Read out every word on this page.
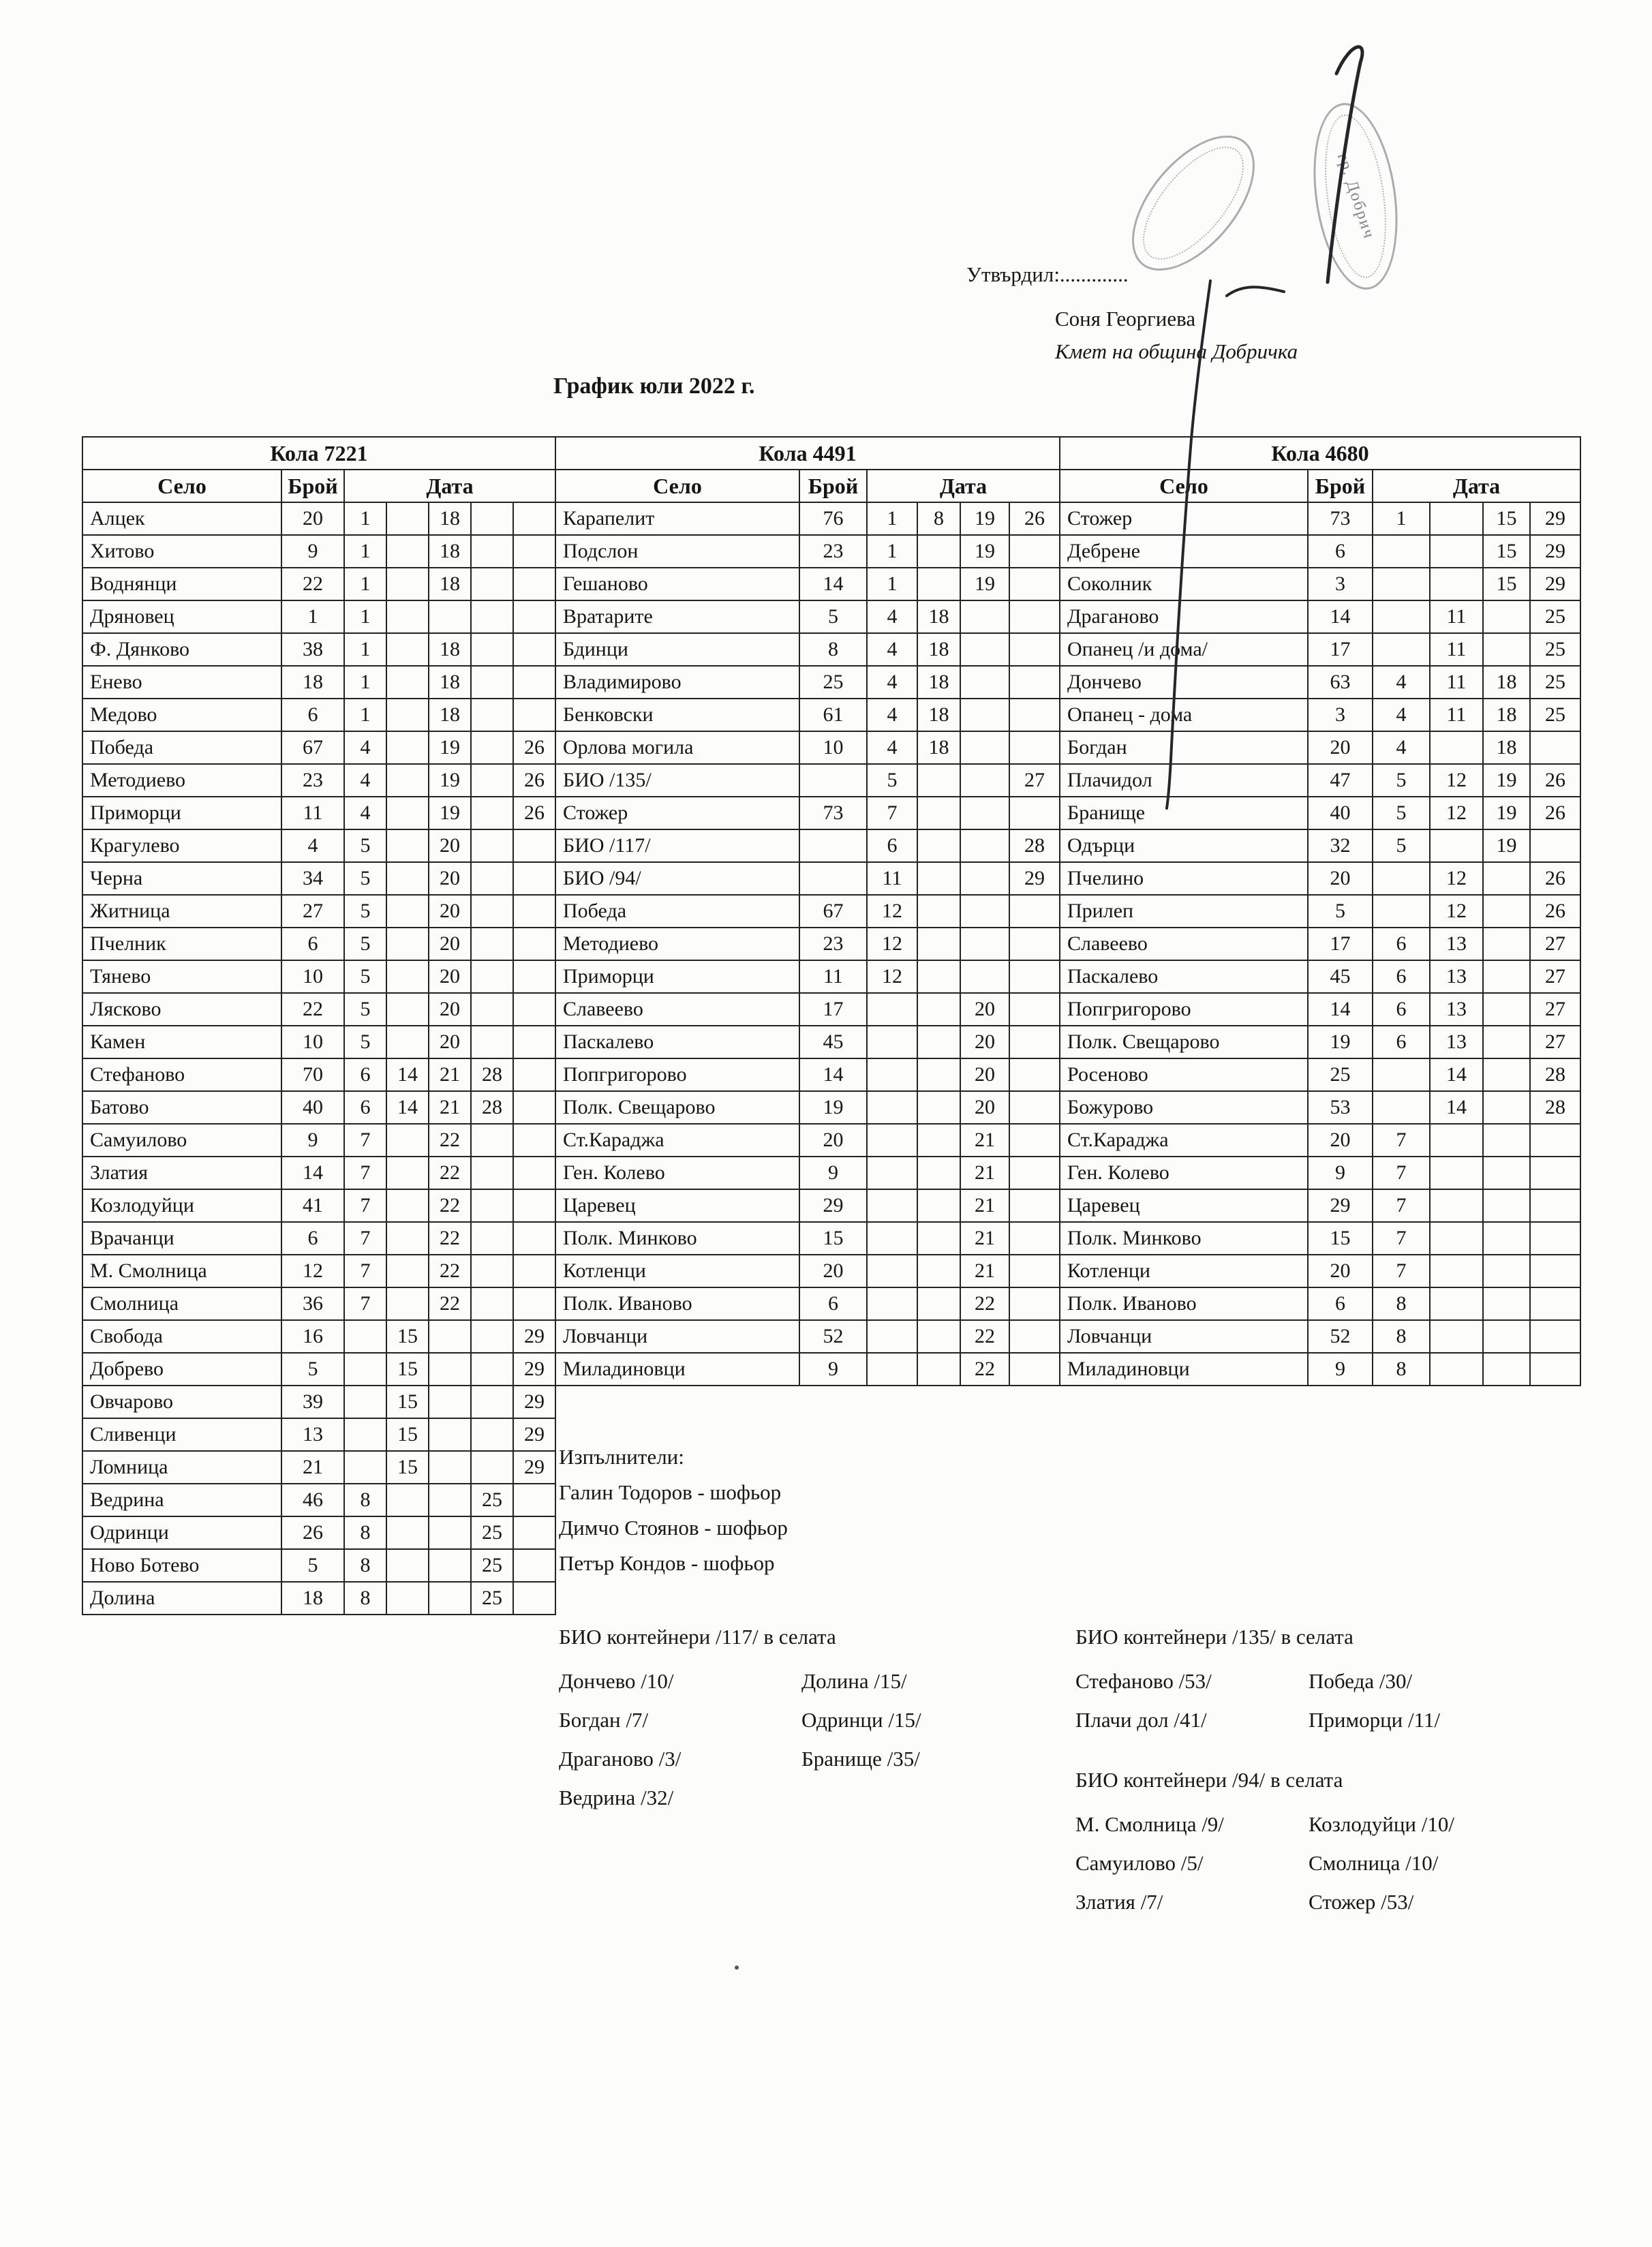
гр. Добрич
Утвърдил:.............
Соня Георгиева
Кмет на община Добричка
График юли 2022 г.
Кола 7221						
Село	Брой	Дата				
Алцек	20	1		18		
Хитово	9	1		18		
Воднянци	22	1		18		
Дряновец	1	1				
Ф. Дянково	38	1		18		
Енево	18	1		18		
Медово	6	1		18		
Победа	67	4		19		26
Методиево	23	4		19		26
Приморци	11	4		19		26
Крагулево	4	5		20		
Черна	34	5		20		
Житница	27	5		20		
Пчелник	6	5		20		
Тянево	10	5		20		
Лясково	22	5		20		
Камен	10	5		20		
Стефаново	70	6	14	21	28	
Батово	40	6	14	21	28	
Самуилово	9	7		22		
Златия	14	7		22		
Козлодуйци	41	7		22		
Врачанци	6	7		22		
М. Смолница	12	7		22		
Смолница	36	7		22		
Свобода	16		15			29
Добрево	5		15			29
Овчарово	39		15			29
Сливенци	13		15			29
Ломница	21		15			29
Ведрина	46	8			25	
Одринци	26	8			25	
Ново Ботево	5	8			25	
Долина	18	8			25	
Кола 4491					
Село	Брой	Дата			
Карапелит	76	1	8	19	26
Подслон	23	1		19	
Гешаново	14	1		19	
Вратарите	5	4	18		
Бдинци	8	4	18		
Владимирово	25	4	18		
Бенковски	61	4	18		
Орлова могила	10	4	18		
БИО /135/		5			27
Стожер	73	7			
БИО /117/		6			28
БИО /94/		11			29
Победа	67	12			
Методиево	23	12			
Приморци	11	12			
Славеево	17			20	
Паскалево	45			20	
Попгригорово	14			20	
Полк. Свещарово	19			20	
Ст.Караджа	20			21	
Ген. Колево	9			21	
Царевец	29			21	
Полк. Минково	15			21	
Котленци	20			21	
Полк. Иваново	6			22	
Ловчанци	52			22	
Миладиновци	9			22	
Кола 4680					
Село	Брой	Дата			
Стожер	73	1		15	29
Дебрене	6			15	29
Соколник	3			15	29
Драганово	14		11		25
Опанец /и дома/	17		11		25
Дончево	63	4	11	18	25
Опанец - дома	3	4	11	18	25
Богдан	20	4		18	
Плачидол	47	5	12	19	26
Бранище	40	5	12	19	26
Одърци	32	5		19	
Пчелино	20		12		26
Прилеп	5		12		26
Славеево	17	6	13		27
Паскалево	45	6	13		27
Попгригорово	14	6	13		27
Полк. Свещарово	19	6	13		27
Росеново	25		14		28
Божурово	53		14		28
Ст.Караджа	20	7			
Ген. Колево	9	7			
Царевец	29	7			
Полк. Минково	15	7			
Котленци	20	7			
Полк. Иваново	6	8			
Ловчанци	52	8			
Миладиновци	9	8			
Изпълнители:
Галин Тодоров - шофьор
Димчо Стоянов - шофьор
Петър Кондов - шофьор
БИО контейнери /117/ в селата
Дончево /10/
Богдан /7/
Драганово /3/
Ведрина /32/
Долина /15/
Одринци /15/
Бранище /35/
БИО контейнери /135/ в селата
Стефаново /53/
Плачи дол /41/
Победа /30/
Приморци /11/
БИО контейнери /94/ в селата
М. Смолница /9/
Самуилово /5/
Златия /7/
Козлодуйци /10/
Смолница /10/
Стожер /53/
